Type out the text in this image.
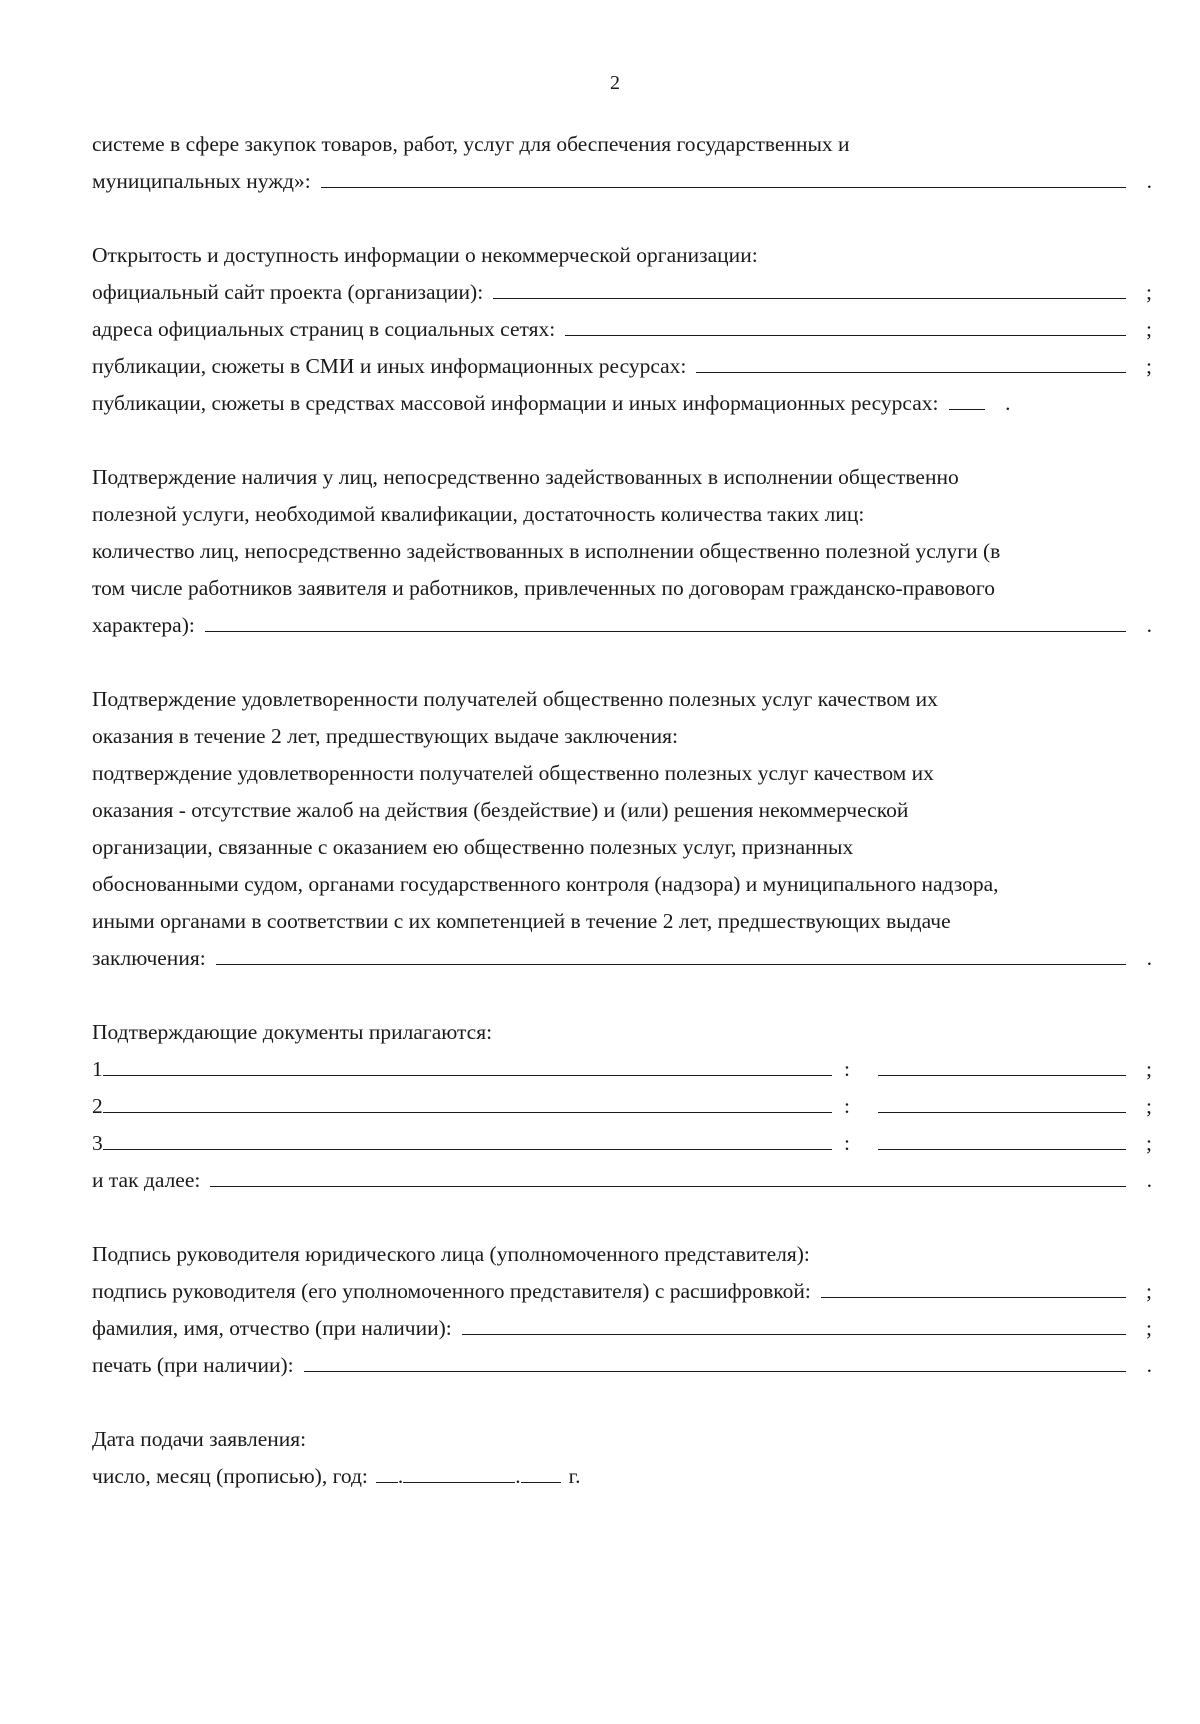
2
системе в сфере закупок товаров, работ, услуг для обеспечения государственных и
муниципальных нужд»:	.
Открытость и доступность информации о некоммерческой организации:
официальный сайт проекта (организации):	;
адреса официальных страниц в социальных сетях:	;
публикации, сюжеты в СМИ и иных информационных ресурсах:	;
публикации, сюжеты в средствах массовой информации и иных информационных ресурсах:	.
Подтверждение наличия у лиц, непосредственно задействованных в исполнении общественно
полезной услуги, необходимой квалификации, достаточность количества таких лиц:
количество лиц, непосредственно задействованных в исполнении общественно полезной услуги (в
том числе работников заявителя и работников, привлеченных по договорам гражданско-правового
характера):	.
Подтверждение удовлетворенности получателей общественно полезных услуг качеством их
оказания в течение 2 лет, предшествующих выдаче заключения:
подтверждение удовлетворенности получателей общественно полезных услуг качеством их
оказания - отсутствие жалоб на действия (бездействие) и (или) решения некоммерческой
организации, связанные с оказанием ею общественно полезных услуг, признанных
обоснованными судом, органами государственного контроля (надзора) и муниципального надзора,
иными органами в соответствии с их компетенцией в течение 2 лет, предшествующих выдаче
заключения:	.
Подтверждающие документы прилагаются:
1	:	;
2	:	;
3	:	;
и так далее:	.
Подпись руководителя юридического лица (уполномоченного представителя):
подпись руководителя (его уполномоченного представителя) с расшифровкой:	;
фамилия, имя, отчество (при наличии):	;
печать (при наличии):	.
Дата подачи заявления:
число, месяц (прописью), год: .	. г.
